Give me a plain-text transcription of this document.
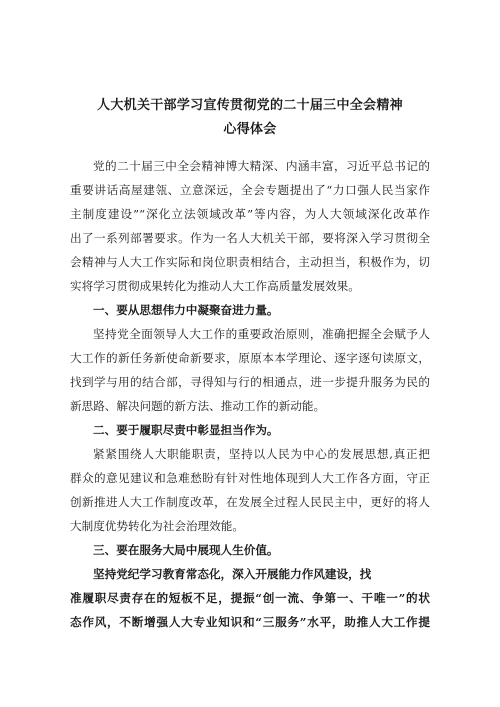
人大机关干部学习宣传贯彻党的二十届三中全会精神
心得体会
党的二十届三中全会精神博大精深、内涵丰富，习近平总书记的
重要讲话高屋建瓴、立意深远，全会专题提出了“力口强人民当家作
主制度建设”“深化立法领域改革”等内容，为人大领域深化改革作
出了一系列部署要求。作为一名人大机关干部，要将深入学习贯彻全
会精神与人大工作实际和岗位职责相结合，主动担当，积极作为，切
实将学习贯彻成果转化为推动人大工作高质量发展效果。
一、要从思想伟力中凝聚奋进力量。
坚持党全面领导人大工作的重要政治原则，准确把握全会赋予人
大工作的新任务新使命新要求，原原本本学理论、逐字逐句读原文，
找到学与用的结合部，寻得知与行的相通点，进一步提升服务为民的
新思路、解决问题的新方法、推动工作的新动能。
二、要于履职尽责中彰显担当作为。
紧紧围绕人大职能职责，坚持以人民为中心的发展思想,真正把
群众的意见建议和急难愁盼有针对性地体现到人大工作各方面，守正
创新推进人大工作制度改革，在发展全过程人民民主中，更好的将人
大制度优势转化为社会治理效能。
三、要在服务大局中展现人生价值。
坚持党纪学习教育常态化，深入开展能力作风建设，找
准履职尽责存在的短板不足，提振“创一流、争第一、干唯一”的状
态作风，不断增强人大专业知识和“三服务”水平，助推人大工作提
